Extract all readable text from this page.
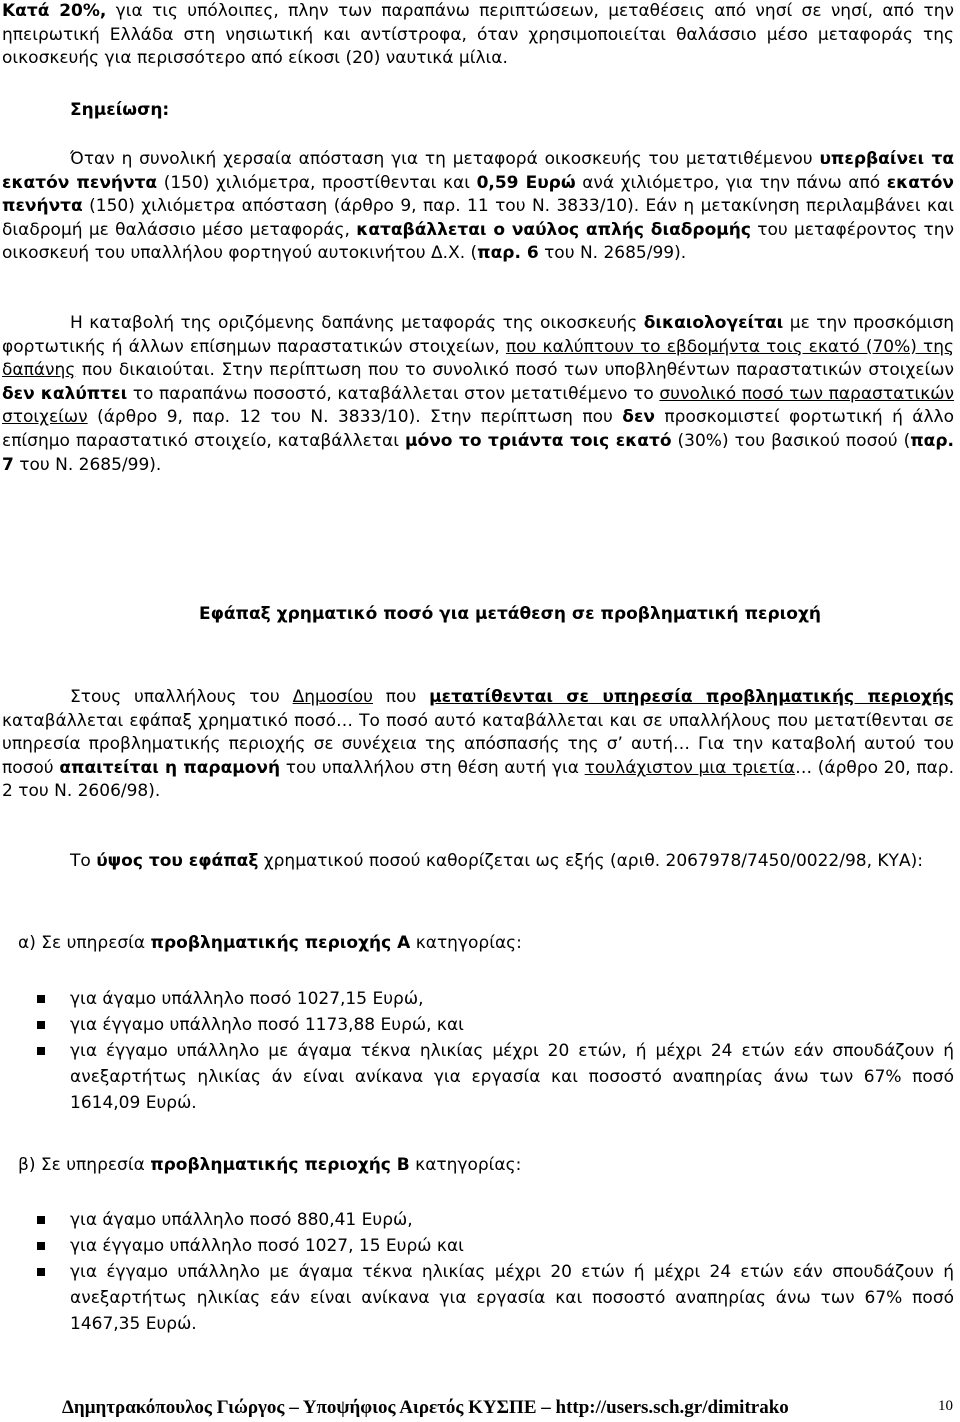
Κατά 20%, για τις υπόλοιπες, πλην των παραπάνω περιπτώσεων, μεταθέσεις από νησί σε νησί, από την ηπειρωτική Ελλάδα στη νησιωτική και αντίστροφα, όταν χρησιμοποιείται θαλάσσιο μέσο μεταφοράς της οικοσκευής για περισσότερο από είκοσι (20) ναυτικά μίλια.

Σημείωση:

Όταν η συνολική χερσαία απόσταση για τη μεταφορά οικοσκευής του μετατιθέμενου υπερβαίνει τα εκατόν πενήντα (150) χιλιόμετρα, προστίθενται και 0,59 Ευρώ ανά χιλιόμετρο, για την πάνω από εκατόν πενήντα (150) χιλιόμετρα απόσταση (άρθρο 9, παρ. 11 του Ν. 3833/10). Εάν η μετακίνηση περιλαμβάνει και διαδρομή με θαλάσσιο μέσο μεταφοράς, καταβάλλεται ο ναύλος απλής διαδρομής του μεταφέροντος την οικοσκευή του υπαλλήλου φορτηγού αυτοκινήτου Δ.Χ. (παρ. 6 του Ν. 2685/99).

Η καταβολή της οριζόμενης δαπάνης μεταφοράς της οικοσκευής δικαιολογείται με την προσκόμιση φορτωτικής ή άλλων επίσημων παραστατικών στοιχείων, που καλύπτουν το εβδομήντα τοις εκατό (70%) της δαπάνης που δικαιούται. Στην περίπτωση που το συνολικό ποσό των υποβληθέντων παραστατικών στοιχείων δεν καλύπτει το παραπάνω ποσοστό, καταβάλλεται στον μετατιθέμενο το συνολικό ποσό των παραστατικών στοιχείων (άρθρο 9, παρ. 12 του Ν. 3833/10). Στην περίπτωση που δεν προσκομιστεί φορτωτική ή άλλο επίσημο παραστατικό στοιχείο, καταβάλλεται μόνο το τριάντα τοις εκατό (30%) του βασικού ποσού (παρ. 7 του Ν. 2685/99).

Εφάπαξ χρηματικό ποσό για μετάθεση σε προβληματική περιοχή

Στους υπαλλήλους του Δημοσίου που μετατίθενται σε υπηρεσία προβληματικής περιοχής καταβάλλεται εφάπαξ χρηματικό ποσό… Το ποσό αυτό καταβάλλεται και σε υπαλλήλους που μετατίθενται σε υπηρεσία προβληματικής περιοχής σε συνέχεια της απόσπασής της σ’ αυτή… Για την καταβολή αυτού του ποσού απαιτείται η παραμονή του υπαλλήλου στη θέση αυτή για τουλάχιστον μια τριετία… (άρθρο 20, παρ. 2 του Ν. 2606/98).

Το ύψος του εφάπαξ χρηματικού ποσού καθορίζεται ως εξής (αριθ. 2067978/7450/0022/98, ΚΥΑ):

α) Σε υπηρεσία προβληματικής περιοχής Α κατηγορίας:

για άγαμο υπάλληλο ποσό 1027,15 Ευρώ,
για έγγαμο υπάλληλο ποσό 1173,88 Ευρώ, και
για έγγαμο υπάλληλο με άγαμα τέκνα ηλικίας μέχρι 20 ετών, ή μέχρι 24 ετών εάν σπουδάζουν ή ανεξαρτήτως ηλικίας άν είναι ανίκανα για εργασία και ποσοστό αναπηρίας άνω των 67% ποσό 1614,09 Ευρώ.

β) Σε υπηρεσία προβληματικής περιοχής Β κατηγορίας:

για άγαμο υπάλληλο ποσό 880,41 Ευρώ,
για έγγαμο υπάλληλο ποσό 1027, 15 Ευρώ και
για έγγαμο υπάλληλο με άγαμα τέκνα ηλικίας μέχρι 20 ετών ή μέχρι 24 ετών εάν σπουδάζουν ή ανεξαρτήτως ηλικίας εάν είναι ανίκανα για εργασία και ποσοστό αναπηρίας άνω των 67% ποσό 1467,35 Ευρώ.

Δημητρακόπουλος Γιώργος – Υποψήφιος Αιρετός ΚΥΣΠΕ – http://users.sch.gr/dimitrako	10
